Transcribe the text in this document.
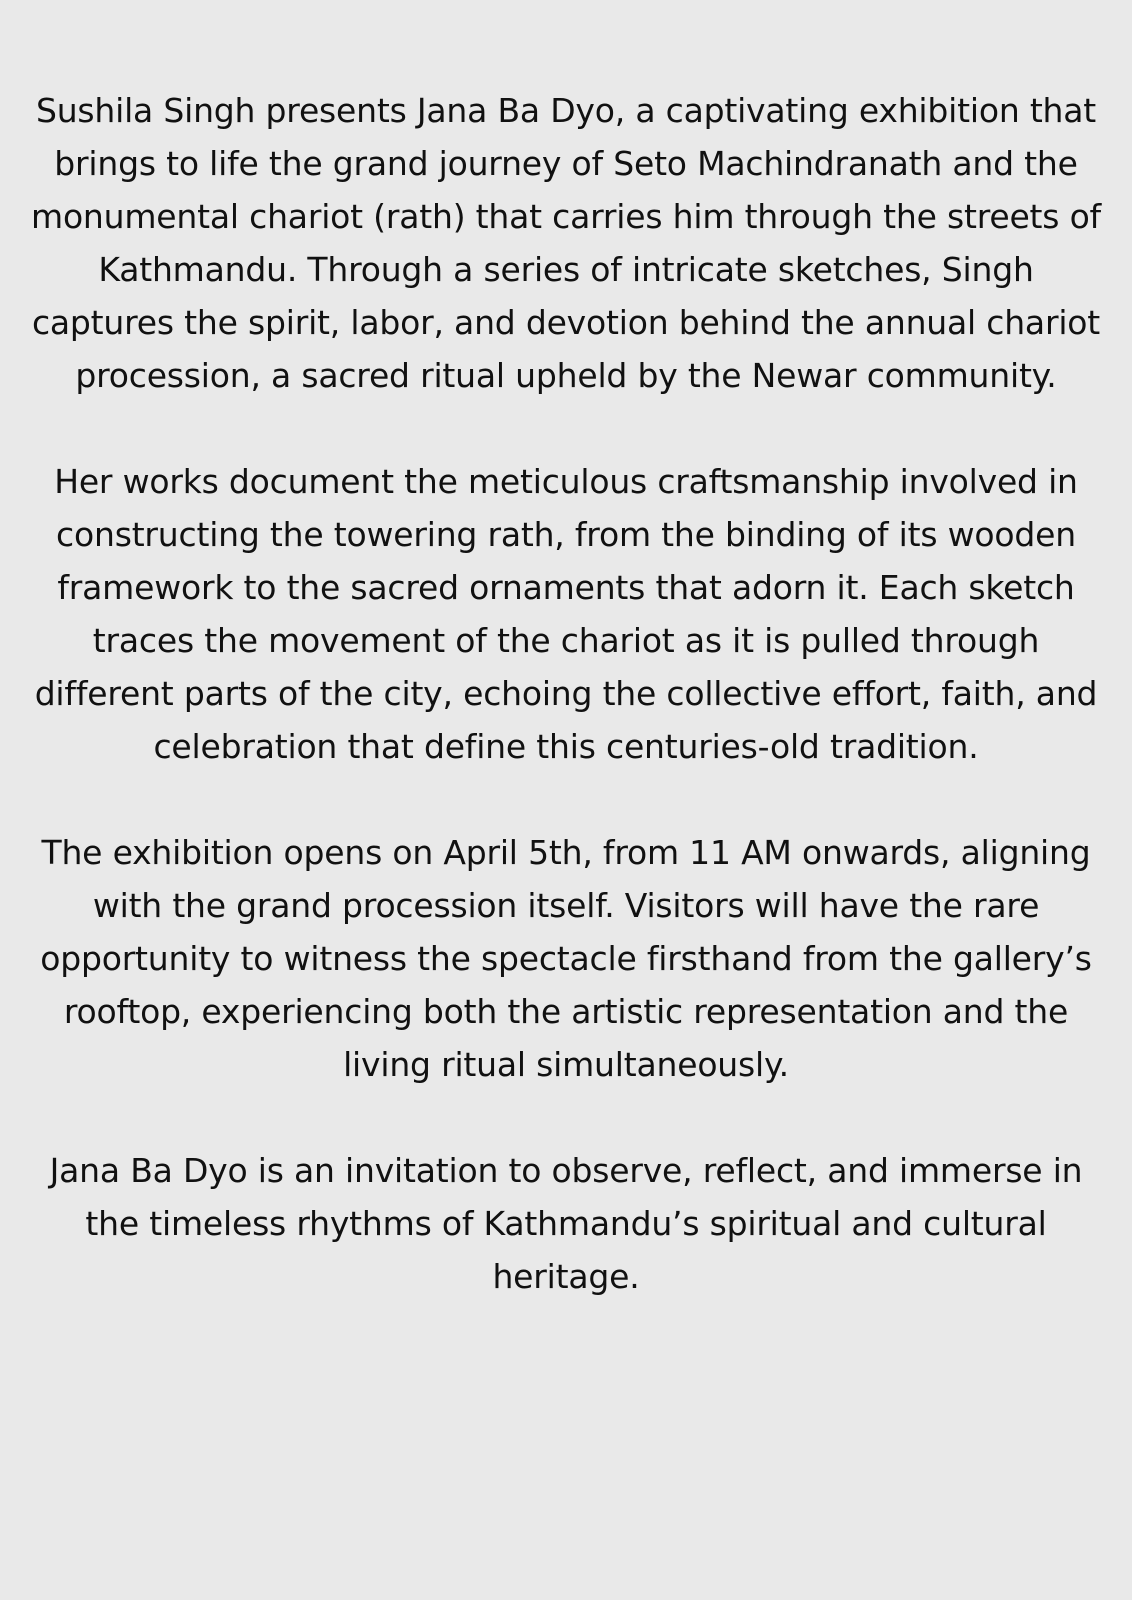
Sushila Singh presents Jana Ba Dyo, a captivating exhibition that brings to life the grand journey of Seto Machindranath and the monumental chariot (rath) that carries him through the streets of Kathmandu. Through a series of intricate sketches, Singh captures the spirit, labor, and devotion behind the annual chariot procession, a sacred ritual upheld by the Newar community.

Her works document the meticulous craftsmanship involved in constructing the towering rath, from the binding of its wooden framework to the sacred ornaments that adorn it. Each sketch traces the movement of the chariot as it is pulled through different parts of the city, echoing the collective effort, faith, and celebration that define this centuries-old tradition.

The exhibition opens on April 5th, from 11 AM onwards, aligning with the grand procession itself. Visitors will have the rare opportunity to witness the spectacle firsthand from the gallery’s rooftop, experiencing both the artistic representation and the living ritual simultaneously.

Jana Ba Dyo is an invitation to observe, reflect, and immerse in the timeless rhythms of Kathmandu’s spiritual and cultural heritage.
